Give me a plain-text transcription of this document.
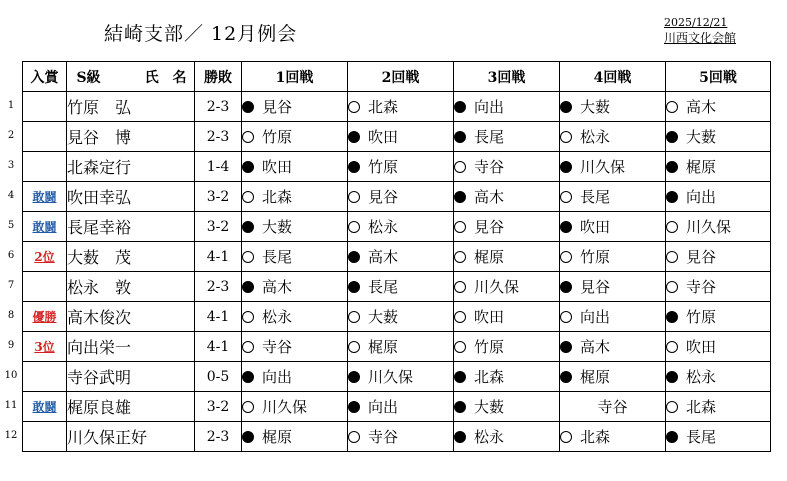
結崎支部／ 12月例会
2025/12/21
川西文化会館
1
2
3
4
5
6
7
8
9
10
11
12
入賞	S級 氏　名	勝敗	1回戦	2回戦	3回戦	4回戦	5回戦
	竹原　弘	2-3	見谷	北森	向出	大薮	高木
	見谷　博	2-3	竹原	吹田	長尾	松永	大薮
	北森定行	1-4	吹田	竹原	寺谷	川久保	梶原
敢闘	吹田幸弘	3-2	北森	見谷	高木	長尾	向出
敢闘	長尾幸裕	3-2	大薮	松永	見谷	吹田	川久保
2位	大薮　茂	4-1	長尾	高木	梶原	竹原	見谷
	松永　敦	2-3	高木	長尾	川久保	見谷	寺谷
優勝	高木俊次	4-1	松永	大薮	吹田	向出	竹原
3位	向出栄一	4-1	寺谷	梶原	竹原	高木	吹田
	寺谷武明	0-5	向出	川久保	北森	梶原	松永
敢闘	梶原良雄	3-2	川久保	向出	大薮	寺谷	北森
	川久保正好	2-3	梶原	寺谷	松永	北森	長尾
